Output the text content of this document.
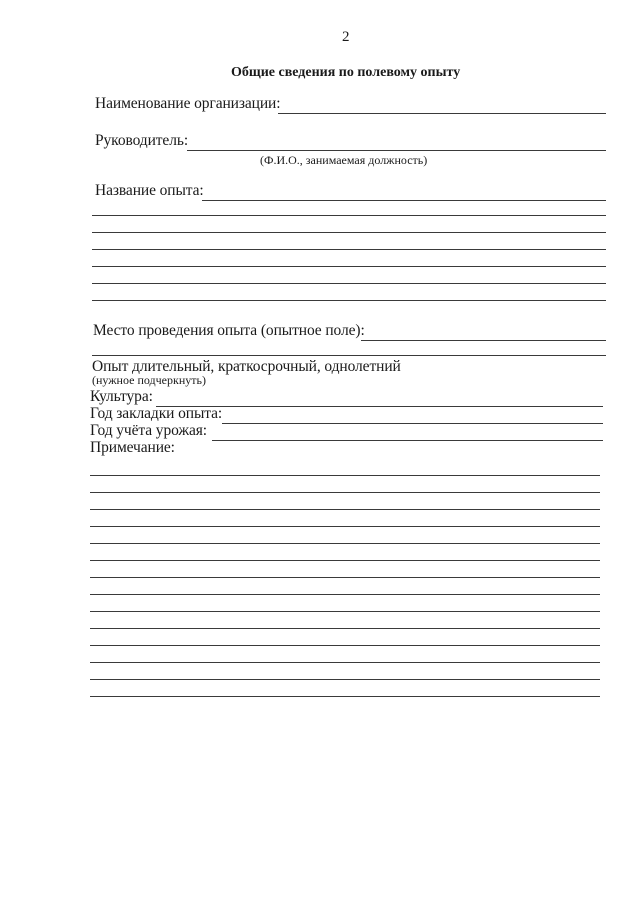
2
Общие сведения по полевому опыту
Наименование организации:
Руководитель:
(Ф.И.О., занимаемая должность)
Название опыта:
Место проведения опыта (опытное поле):
Опыт длительный, краткосрочный, однолетний
(нужное подчеркнуть)
Культура:
Год закладки опыта:
Год учёта урожая:
Примечание:
